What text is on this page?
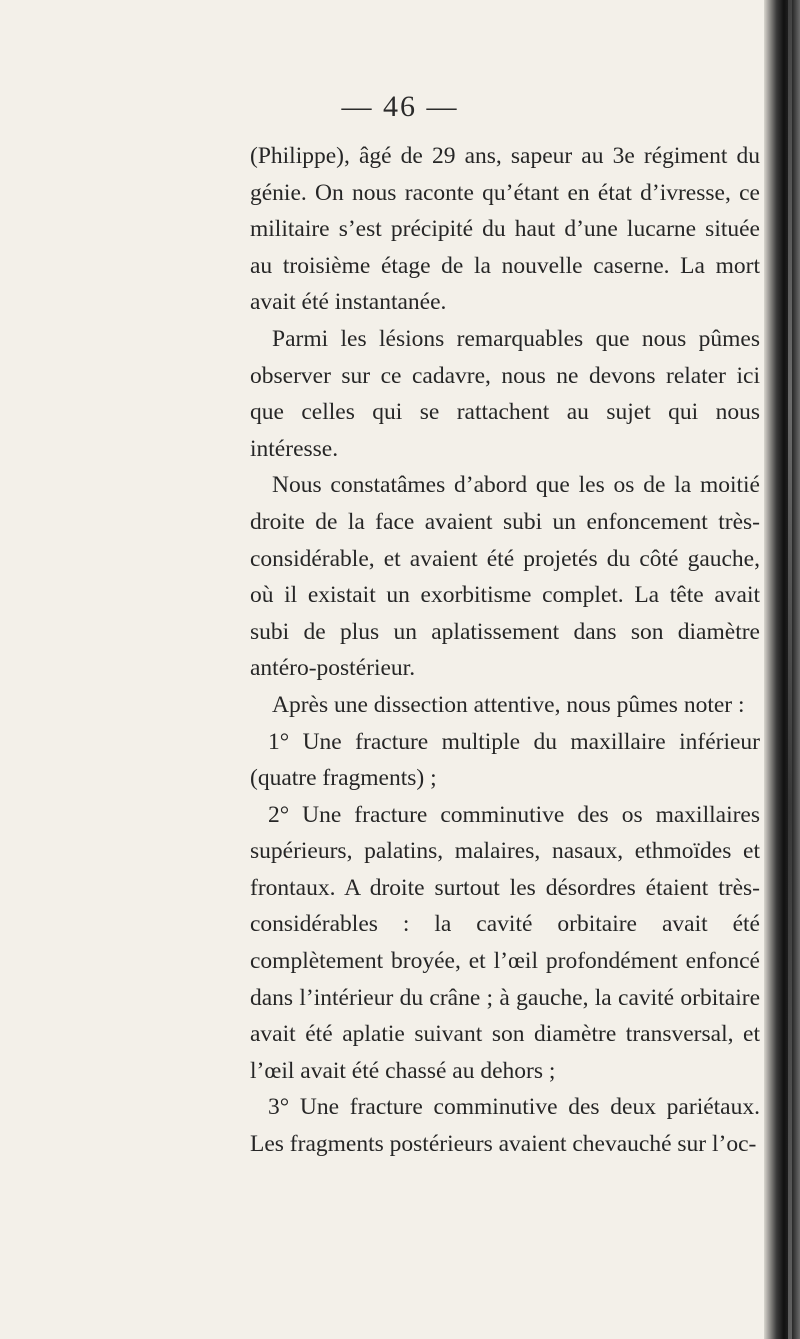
— 46 —

(Philippe), âgé de 29 ans, sapeur au 3e régiment du génie. On nous raconte qu’étant en état d’ivresse, ce militaire s’est précipité du haut d’une lucarne située au troisième étage de la nouvelle caserne. La mort avait été instantanée.

Parmi les lésions remarquables que nous pûmes observer sur ce cadavre, nous ne devons relater ici que celles qui se rattachent au sujet qui nous intéresse.

Nous constatâmes d’abord que les os de la moitié droite de la face avaient subi un enfoncement très-considérable, et avaient été projetés du côté gauche, où il existait un exorbitisme complet. La tête avait subi de plus un aplatissement dans son diamètre antéro-postérieur.

Après une dissection attentive, nous pûmes noter :

1° Une fracture multiple du maxillaire inférieur (quatre fragments) ;

2° Une fracture comminutive des os maxillaires supérieurs, palatins, malaires, nasaux, ethmoïdes et frontaux. A droite surtout les désordres étaient très-considérables : la cavité orbitaire avait été complètement broyée, et l’œil profondément enfoncé dans l’intérieur du crâne ; à gauche, la cavité orbitaire avait été aplatie suivant son diamètre transversal, et l’œil avait été chassé au dehors ;

3° Une fracture comminutive des deux pariétaux. Les fragments postérieurs avaient chevauché sur l’oc-
